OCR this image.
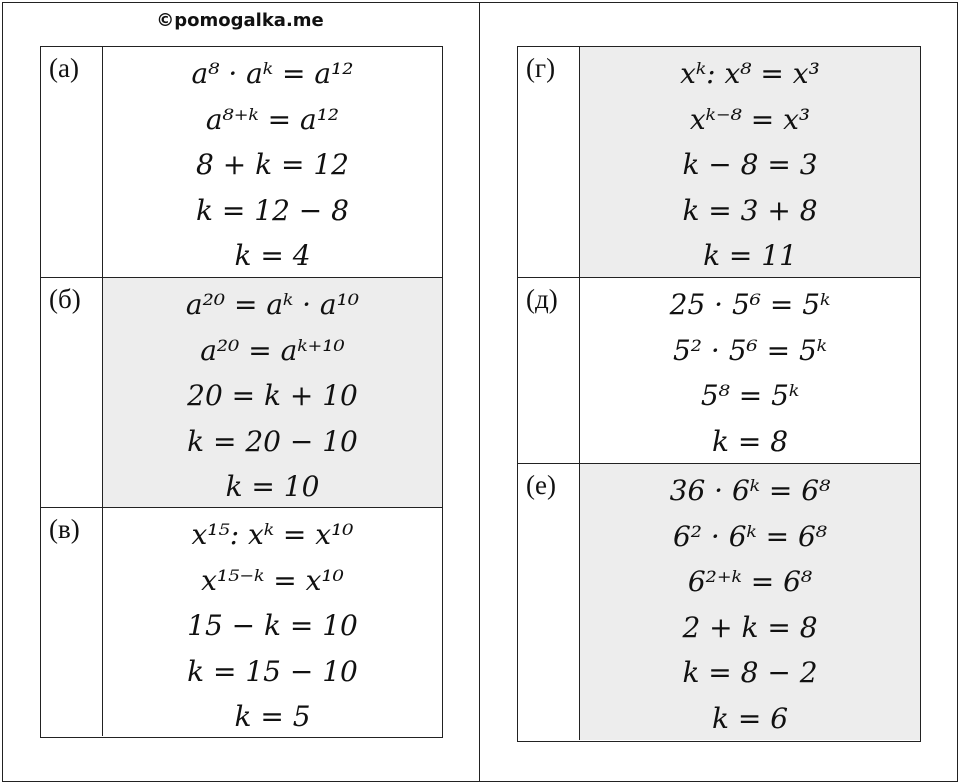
©pomogalka.me
(а)	a⁸ · aᵏ = a¹²
a⁸⁺ᵏ = a¹²
8 + k = 12
k = 12 − 8
k = 4
(б)	a²⁰ = aᵏ · a¹⁰
a²⁰ = aᵏ⁺¹⁰
20 = k + 10
k = 20 − 10
k = 10
(в)	x¹⁵: xᵏ = x¹⁰
x¹⁵⁻ᵏ = x¹⁰
15 − k = 10
k = 15 − 10
k = 5
(г)	xᵏ: x⁸ = x³
xᵏ⁻⁸ = x³
k − 8 = 3
k = 3 + 8
k = 11
(д)	25 · 5⁶ = 5ᵏ
5² · 5⁶ = 5ᵏ
5⁸ = 5ᵏ
k = 8
(е)	36 · 6ᵏ = 6⁸
6² · 6ᵏ = 6⁸
6²⁺ᵏ = 6⁸
2 + k = 8
k = 8 − 2
k = 6
